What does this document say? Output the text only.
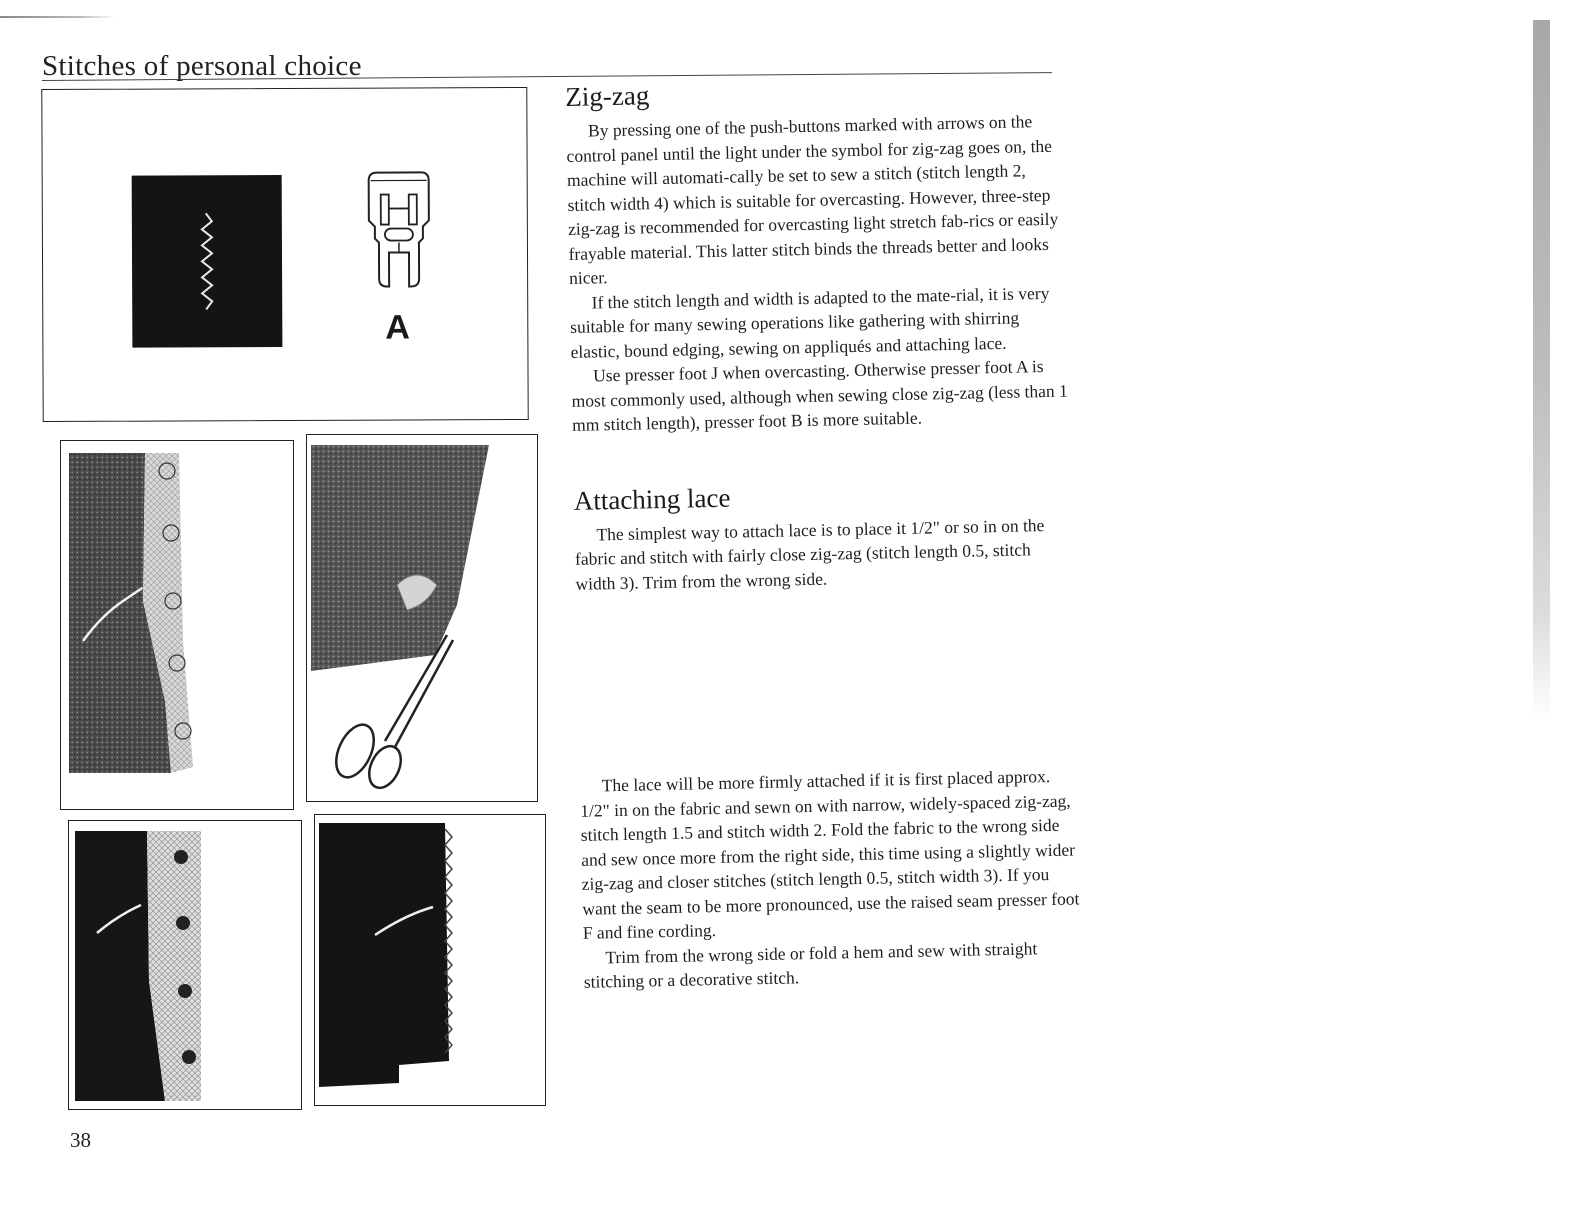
Stitches of personal choice
A
38
Zig-zag

By pressing one of the push-buttons marked with arrows on the control panel until the light under the symbol for zig-zag goes on, the machine will automati-cally be set to sew a stitch (stitch length 2, stitch width 4) which is suitable for overcasting. However, three-step zig-zag is recommended for overcasting light stretch fab-rics or easily frayable material. This latter stitch binds the threads better and looks nicer.

If the stitch length and width is adapted to the mate-rial, it is very suitable for many sewing operations like gathering with shirring elastic, bound edging, sewing on appliqués and attaching lace.

Use presser foot J when overcasting. Otherwise presser foot A is most commonly used, although when sewing close zig-zag (less than 1 mm stitch length), presser foot B is more suitable.

Attaching lace

The simplest way to attach lace is to place it 1/2" or so in on the fabric and stitch with fairly close zig-zag (stitch length 0.5, stitch width 3). Trim from the wrong side.

The lace will be more firmly attached if it is first placed approx. 1/2" in on the fabric and sewn on with narrow, widely-spaced zig-zag, stitch length 1.5 and stitch width 2. Fold the fabric to the wrong side and sew once more from the right side, this time using a slightly wider zig-zag and closer stitches (stitch length 0.5, stitch width 3). If you want the seam to be more pronounced, use the raised seam presser foot F and fine cording.

Trim from the wrong side or fold a hem and sew with straight stitching or a decorative stitch.
